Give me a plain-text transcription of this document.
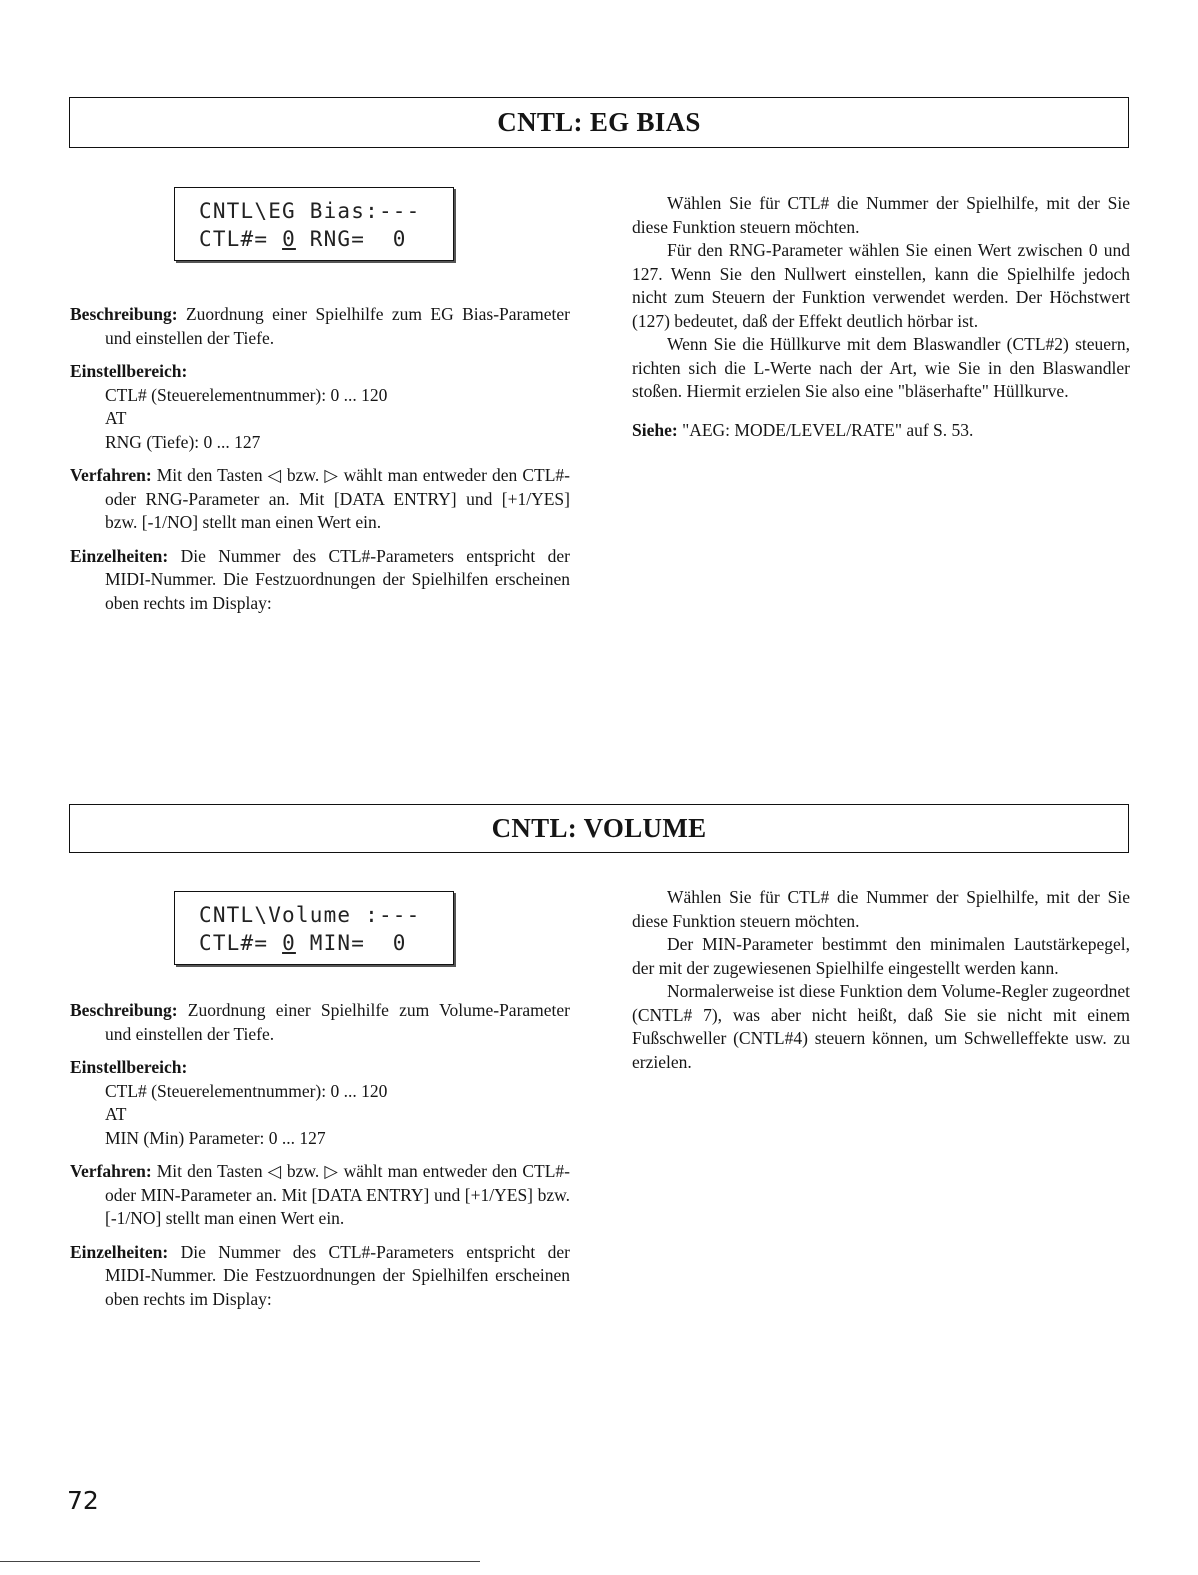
CNTL: EG BIAS
CNTL\EG Bias:---
CTL#= 0 RNG=  0

Beschreibung: Zuordnung einer Spielhilfe zum EG Bias-Parameter und einstellen der Tiefe.

Einstellbereich:
CTL# (Steuerelementnummer): 0 ... 120
AT
RNG (Tiefe): 0 ... 127

Verfahren: Mit den Tasten ◁ bzw. ▷ wählt man entweder den CTL#- oder RNG-Parameter an. Mit [DATA ENTRY] und [+1/YES] bzw. [-1/NO] stellt man einen Wert ein.

Einzelheiten: Die Nummer des CTL#-Parameters entspricht der MIDI-Nummer. Die Festzuordnungen der Spielhilfen erscheinen oben rechts im Display:

Wählen Sie für CTL# die Nummer der Spielhilfe, mit der Sie diese Funktion steuern möchten.

Für den RNG-Parameter wählen Sie einen Wert zwischen 0 und 127. Wenn Sie den Nullwert einstellen, kann die Spielhilfe jedoch nicht zum Steuern der Funktion verwendet werden. Der Höchstwert (127) bedeutet, daß der Effekt deutlich hörbar ist.

Wenn Sie die Hüllkurve mit dem Blaswandler (CTL#2) steuern, richten sich die L-Werte nach der Art, wie Sie in den Blaswandler stoßen. Hiermit erzielen Sie also eine "bläserhafte" Hüllkurve.

Siehe: "AEG: MODE/LEVEL/RATE" auf S. 53.

CNTL: VOLUME
CNTL\Volume :---
CTL#= 0 MIN=  0

Beschreibung: Zuordnung einer Spielhilfe zum Volume-Parameter und einstellen der Tiefe.

Einstellbereich:
CTL# (Steuerelementnummer): 0 ... 120
AT
MIN (Min) Parameter: 0 ... 127

Verfahren: Mit den Tasten ◁ bzw. ▷ wählt man entweder den CTL#- oder MIN-Parameter an. Mit [DATA ENTRY] und [+1/YES] bzw. [-1/NO] stellt man einen Wert ein.

Einzelheiten: Die Nummer des CTL#-Parameters entspricht der MIDI-Nummer. Die Festzuordnungen der Spielhilfen erscheinen oben rechts im Display:

Wählen Sie für CTL# die Nummer der Spielhilfe, mit der Sie diese Funktion steuern möchten.

Der MIN-Parameter bestimmt den minimalen Lautstärkepegel, der mit der zugewiesenen Spielhilfe eingestellt werden kann.

Normalerweise ist diese Funktion dem Volume-Regler zugeordnet (CNTL# 7), was aber nicht heißt, daß Sie sie nicht mit einem Fußschweller (CNTL#4) steuern können, um Schwelleffekte usw. zu erzielen.

72
